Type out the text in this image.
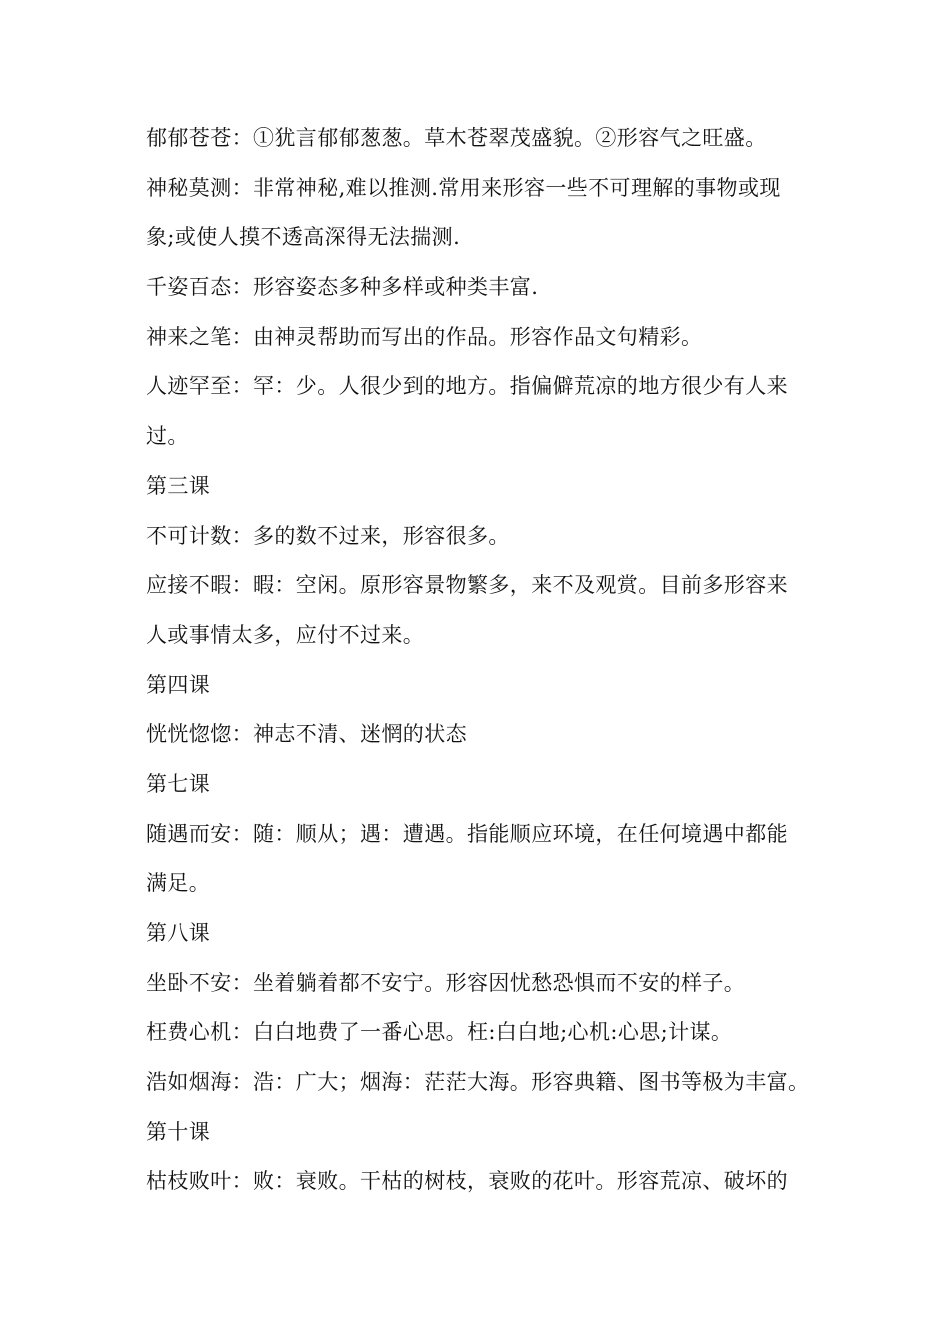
郁郁苍苍：①犹言郁郁葱葱。草木苍翠茂盛貌。②形容气之旺盛。
神秘莫测：非常神秘,难以推测.常用来形容一些不可理解的事物或现
象;或使人摸不透高深得无法揣测.
千姿百态：形容姿态多种多样或种类丰富.
神来之笔：由神灵帮助而写出的作品。形容作品文句精彩。
人迹罕至：罕：少。人很少到的地方。指偏僻荒凉的地方很少有人来
过。
第三课
不可计数：多的数不过来，形容很多。
应接不暇：暇：空闲。原形容景物繁多，来不及观赏。目前多形容来
人或事情太多，应付不过来。
第四课
恍恍惚惚：神志不清、迷惘的状态
第七课
随遇而安：随：顺从；遇：遭遇。指能顺应环境，在任何境遇中都能
满足。
第八课
坐卧不安：坐着躺着都不安宁。形容因忧愁恐惧而不安的样子。
枉费心机：白白地费了一番心思。枉:白白地;心机:心思;计谋。
浩如烟海：浩：广大；烟海：茫茫大海。形容典籍、图书等极为丰富。
第十课
枯枝败叶：败：衰败。干枯的树枝，衰败的花叶。形容荒凉、破坏的
